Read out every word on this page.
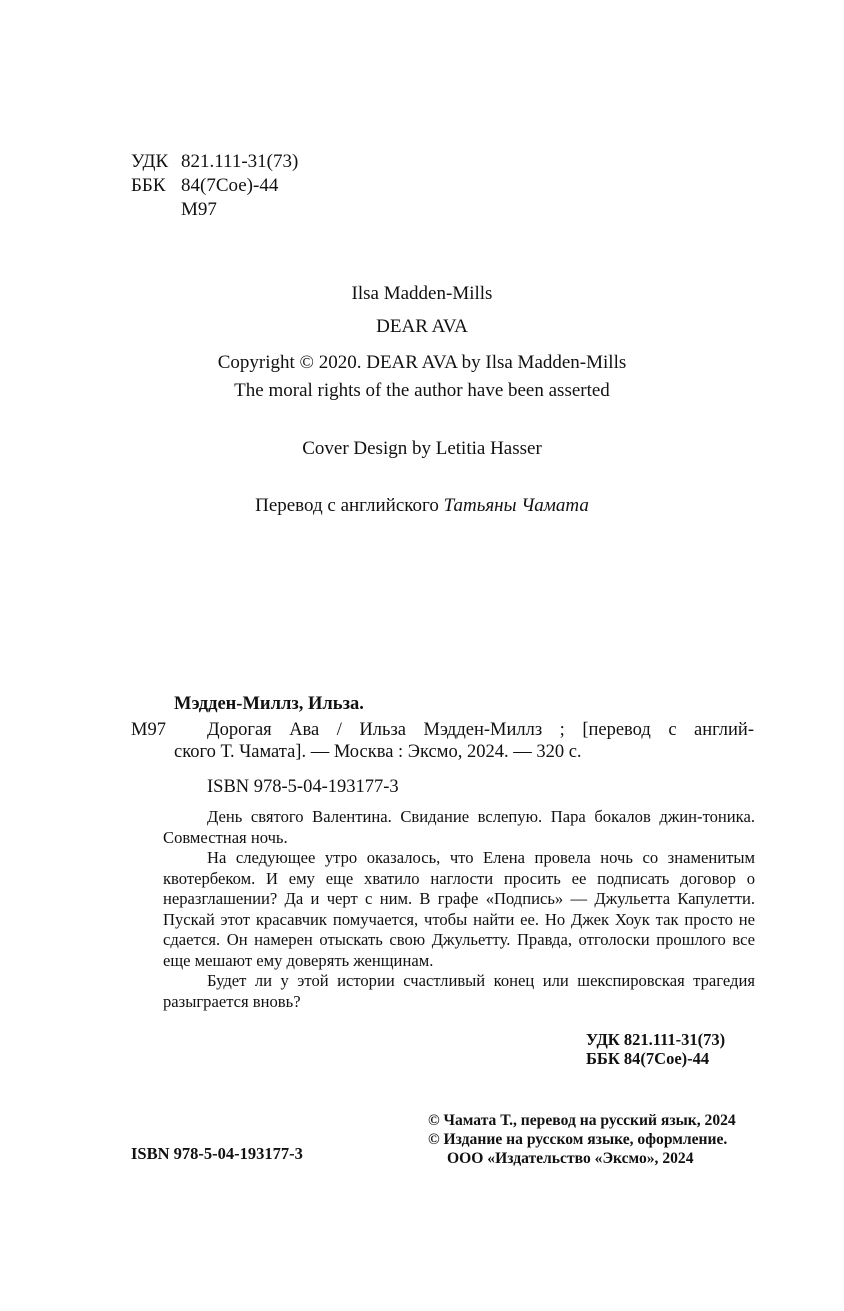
УДК 821.111-31(73)
ББК 84(7Сое)-44
М97
Ilsa Madden-Mills
DEAR AVA
Copyright © 2020. DEAR AVA by Ilsa Madden-Mills
The moral rights of the author have been asserted
Cover Design by Letitia Hasser
Перевод с английского Татьяны Чамата
Мэдден-Миллз, Ильза.
М97 Дорогая Ава / Ильза Мэдден-Миллз ; [перевод с англий-
ского Т. Чамата]. — Москва : Эксмо, 2024. — 320 с.
ISBN 978-5-04-193177-3

День святого Валентина. Свидание вслепую. Пара бокалов джин-тоника. Совместная ночь.

На следующее утро оказалось, что Елена провела ночь со знаменитым квотербеком. И ему еще хватило наглости просить ее подписать договор о неразглашении? Да и черт с ним. В графе «Подпись» — Джульетта Капулетти. Пускай этот красавчик помучается, чтобы найти ее. Но Джек Хоук так просто не сдается. Он намерен отыскать свою Джульетту. Правда, отголоски прошлого все еще мешают ему доверять женщинам.

Будет ли у этой истории счастливый конец или шекспировская трагедия разыграется вновь?

УДК 821.111-31(73)
ББК 84(7Сое)-44
© Чамата Т., перевод на русский язык, 2024
© Издание на русском языке, оформление.
ООО «Издательство «Эксмо», 2024
ISBN 978-5-04-193177-3
